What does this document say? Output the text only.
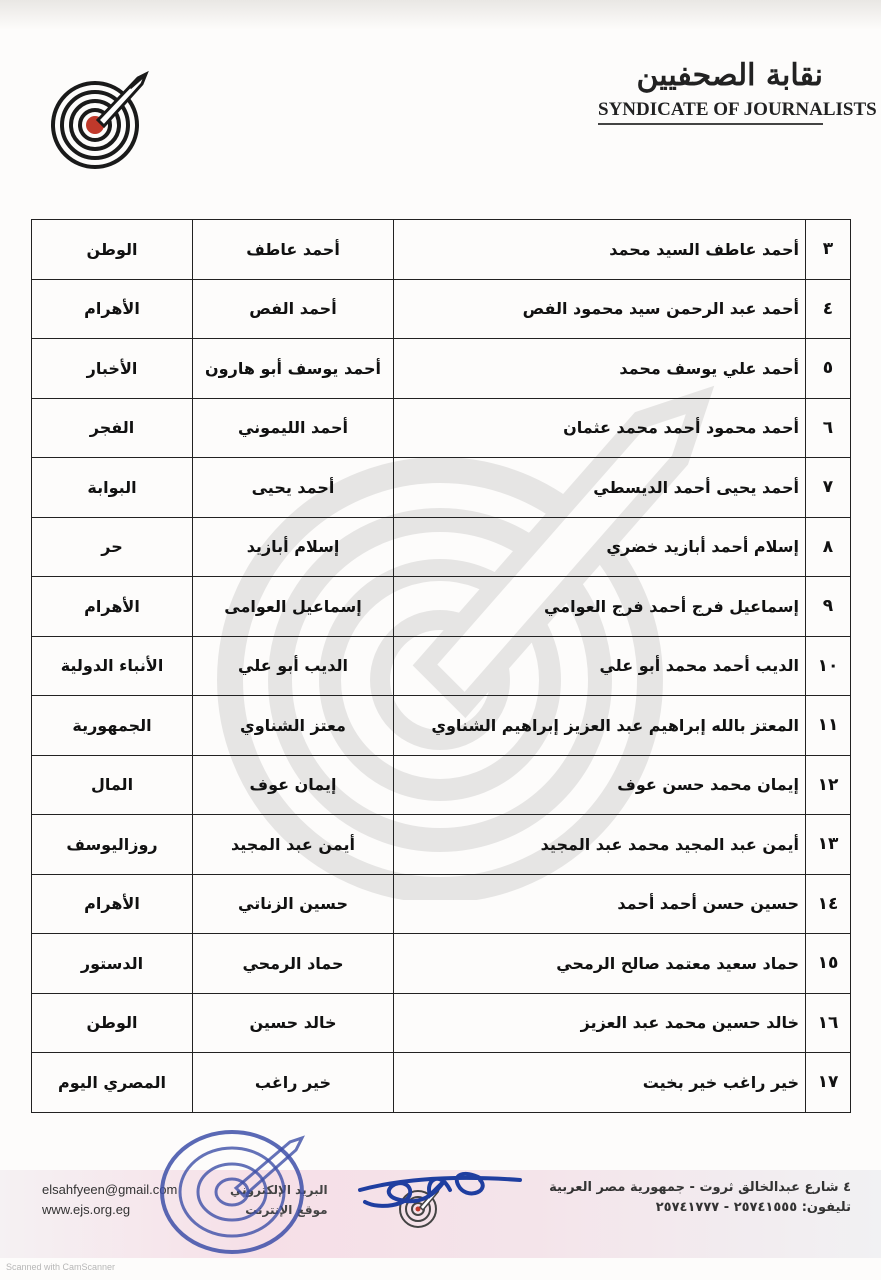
نقابة الصحفيين
SYNDICATE OF JOURNALISTS
٣	أحمد عاطف السيد محمد	أحمد عاطف	الوطن
٤	أحمد عبد الرحمن سيد محمود الفص	أحمد الفص	الأهرام
٥	أحمد علي يوسف محمد	أحمد يوسف أبو هارون	الأخبار
٦	أحمد محمود أحمد محمد عثمان	أحمد الليموني	الفجر
٧	أحمد يحيى أحمد الديسطي	أحمد يحيى	البوابة
٨	إسلام أحمد أبازيد خضري	إسلام أبازيد	حر
٩	إسماعيل فرج أحمد فرج العوامي	إسماعيل العوامى	الأهرام
١٠	الديب أحمد محمد أبو علي	الديب أبو علي	الأنباء الدولية
١١	المعتز بالله إبراهيم عبد العزيز إبراهيم الشناوي	معتز الشناوي	الجمهورية
١٢	إيمان محمد حسن عوف	إيمان عوف	المال
١٣	أيمن عبد المجيد محمد عبد المجيد	أيمن عبد المجيد	روزاليوسف
١٤	حسين حسن أحمد أحمد	حسين الزناتي	الأهرام
١٥	حماد سعيد معتمد صالح الرمحي	حماد الرمحي	الدستور
١٦	خالد حسين محمد عبد العزيز	خالد حسين	الوطن
١٧	خير راغب خير بخيت	خير راغب	المصري اليوم
٤ شارع عبدالخالق ثروت - جمهورية مصر العربية
تليفون: ٢٥٧٤١٥٥٥ - ٢٥٧٤١٧٧٧
elsahfyeen@gmail.com
www.ejs.org.eg
البريد الإلكتروني
موقع الإنترنت
Scanned with CamScanner
